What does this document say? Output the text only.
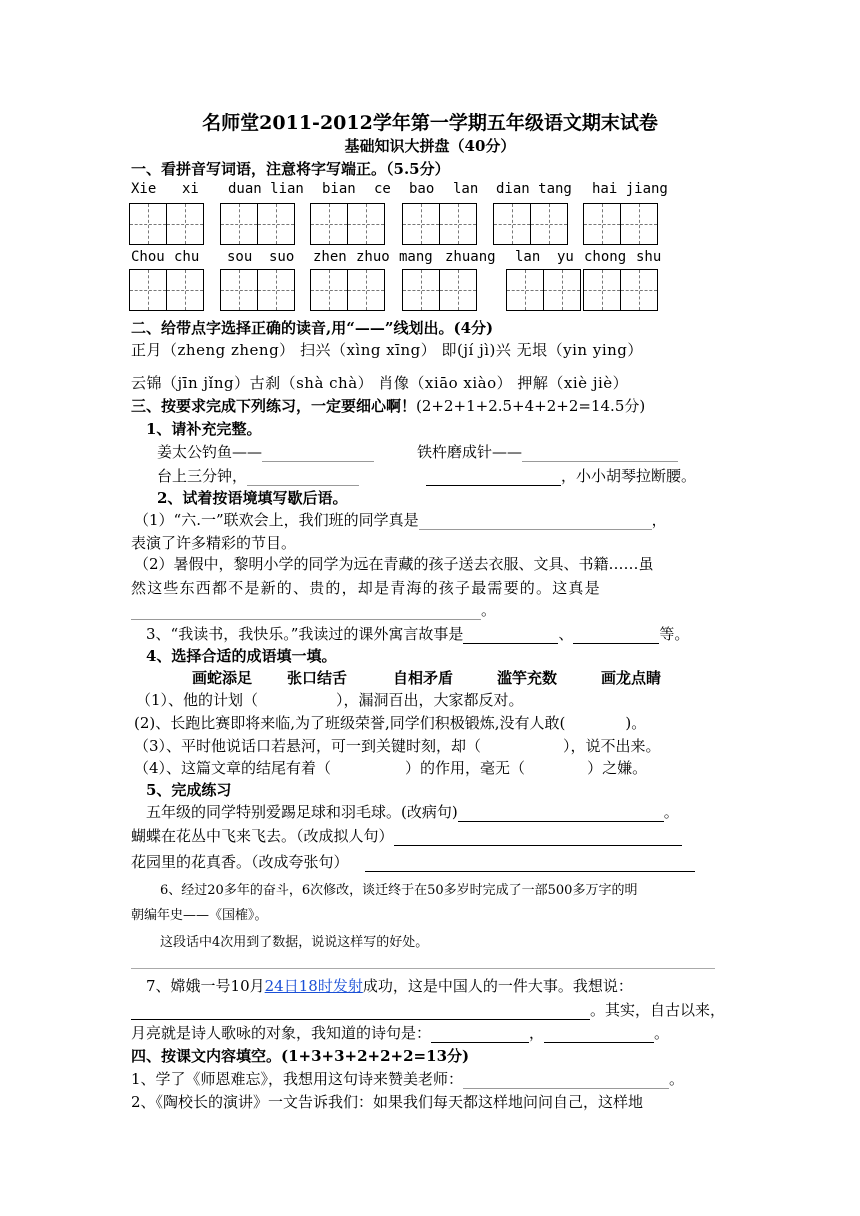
名师堂2011-2012学年第一学期五年级语文期末试卷
基础知识大拼盘（40分）
一、看拼音写词语，注意将字写端正。（5.5分）
Xie xi duan lian bian ce bao lan dian tang hai jiang
Chou chu sou suo zhen zhuo mang zhuang lan yu chong shu
二、给带点字选择正确的读音,用“——”线划出。(4分)
正月（zheng zheng） 扫兴（xìng xīng） 即(jí jì)兴 无垠（yin ying）
云锦（jīn jǐng）古刹（shà chà） 肖像（xiāo xiào） 押解（xiè jiè）
三、按要求完成下列练习，一定要细心啊！(2+2+1+2.5+4+2+2=14.5分)
1、请补充完整。
姜太公钓鱼——	铁杵磨成针——
台上三分钟，	，小小胡琴拉断腰。
2、试着按语境填写歇后语。
（1）“六.一”联欢会上，我们班的同学真是	，
表演了许多精彩的节目。
（2）暑假中，黎明小学的同学为远在青藏的孩子送去衣服、文具、书籍……虽
然这些东西都不是新的、贵的，却是青海的孩子最需要的。这真是
。
3、“我读书，我快乐。”我读过的课外寓言故事是	、	等。
4、选择合适的成语填一填。
画蛇添足 张口结舌	自相矛盾	滥竽充数	画龙点睛
（1）、他的计划（	），漏洞百出，大家都反对。
(2)、长跑比赛即将来临,为了班级荣誉,同学们积极锻炼,没有人敢(	)。
（3）、平时他说话口若悬河，可一到关键时刻，却（	），说不出来。
（4）、这篇文章的结尾有着（	）的作用，毫无（	）之嫌。
5、完成练习
五年级的同学特别爱踢足球和羽毛球。(改病句)	。
蝴蝶在花丛中飞来飞去。（改成拟人句）
花园里的花真香。（改成夸张句）
6、经过20多年的奋斗，6次修改，谈迁终于在50多岁时完成了一部500多万字的明
朝编年史——《国榷》。
这段话中4次用到了数据，说说这样写的好处。
7、嫦娥一号10月24日18时发射成功，这是中国人的一件大事。我想说：
。其实，自古以来，
月亮就是诗人歌咏的对象，我知道的诗句是：	，	。
四、按课文内容填空。(1+3+3+2+2+2=13分)
1、学了《师恩难忘》，我想用这句诗来赞美老师：	。
2、《陶校长的演讲》一文告诉我们：如果我们每天都这样地问问自己，这样地
